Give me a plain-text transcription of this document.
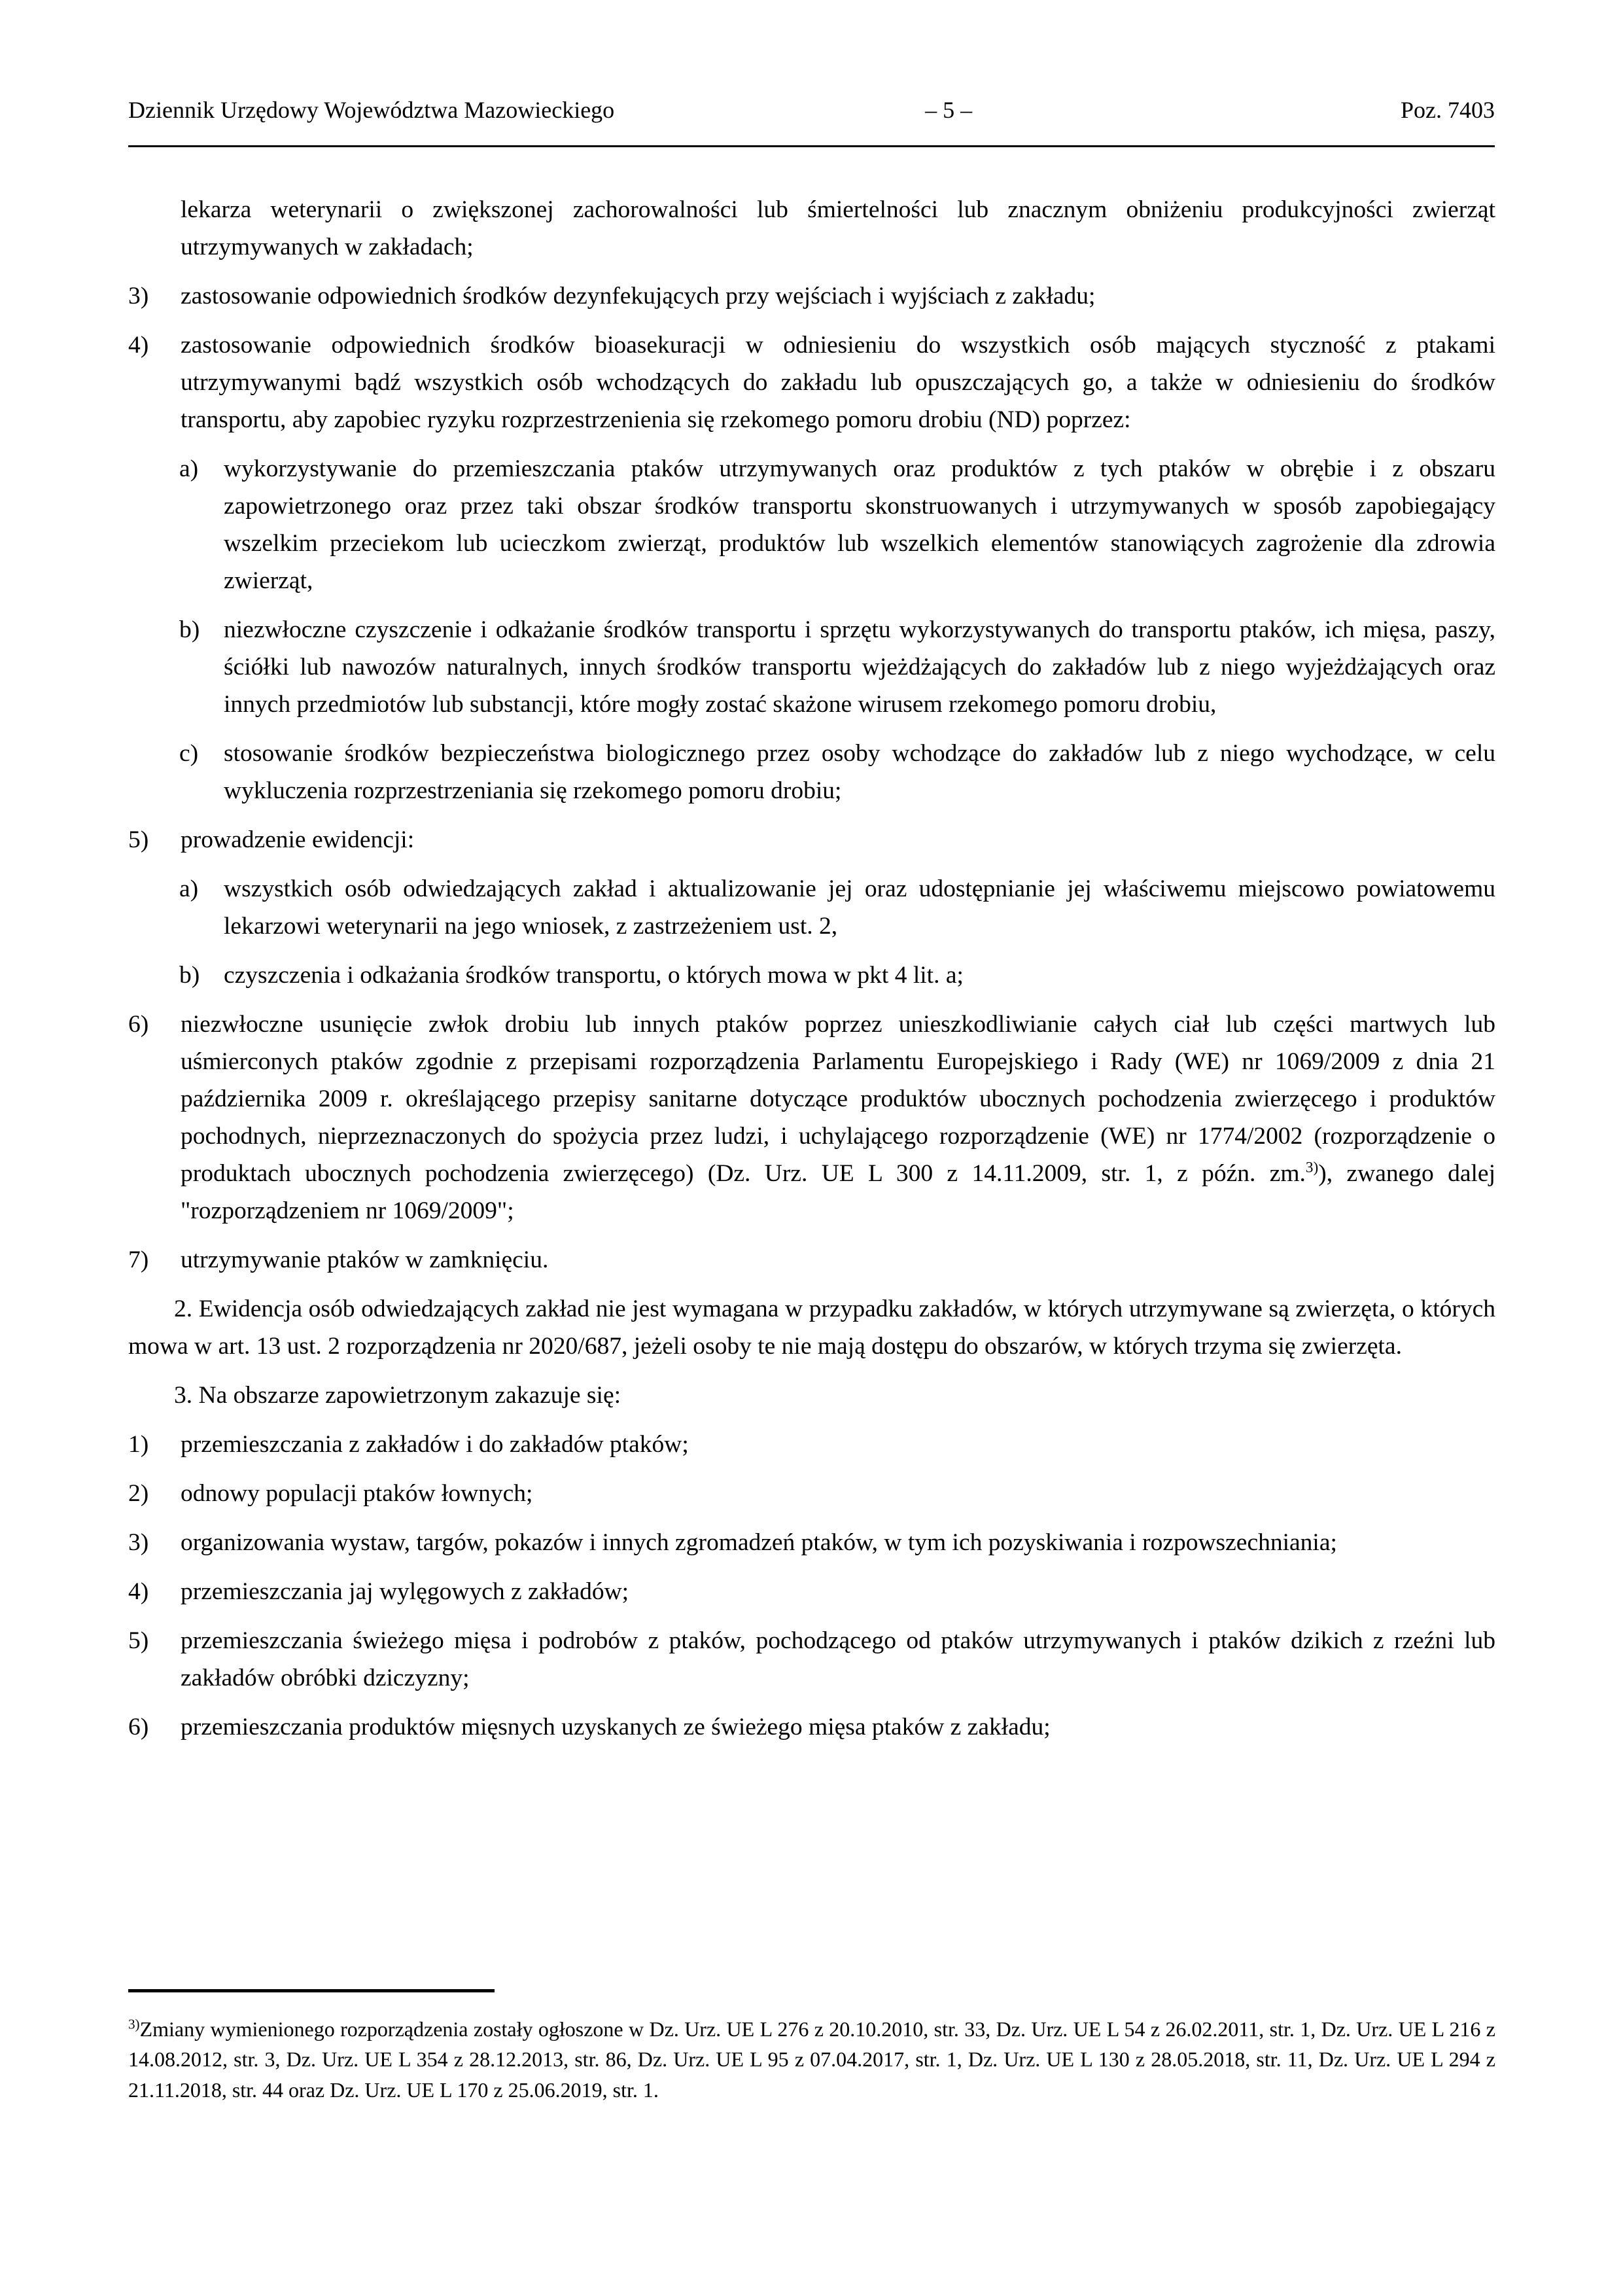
Dziennik Urzędowy Województwa Mazowieckiego	– 5 –	Poz. 7403
lekarza weterynarii o zwiększonej zachorowalności lub śmiertelności lub znacznym obniżeniu produkcyjności zwierząt utrzymywanych w zakładach;
3)	zastosowanie odpowiednich środków dezynfekujących przy wejściach i wyjściach z zakładu;
4)	zastosowanie odpowiednich środków bioasekuracji w odniesieniu do wszystkich osób mających styczność z ptakami utrzymywanymi bądź wszystkich osób wchodzących do zakładu lub opuszczających go, a także w odniesieniu do środków transportu, aby zapobiec ryzyku rozprzestrzenienia się rzekomego pomoru drobiu (ND) poprzez:
a)	wykorzystywanie do przemieszczania ptaków utrzymywanych oraz produktów z tych ptaków w obrębie i z obszaru zapowietrzonego oraz przez taki obszar środków transportu skonstruowanych i utrzymywanych w sposób zapobiegający wszelkim przeciekom lub ucieczkom zwierząt, produktów lub wszelkich elementów stanowiących zagrożenie dla zdrowia zwierząt,
b) niezwłoczne czyszczenie i odkażanie środków transportu i sprzętu wykorzystywanych do transportu ptaków, ich mięsa, paszy, ściółki lub nawozów naturalnych, innych środków transportu wjeżdżających do zakładów lub z niego wyjeżdżających oraz innych przedmiotów lub substancji, które mogły zostać skażone wirusem rzekomego pomoru drobiu,
c)	stosowanie środków bezpieczeństwa biologicznego przez osoby wchodzące do zakładów lub z niego wychodzące, w celu wykluczenia rozprzestrzeniania się rzekomego pomoru drobiu;
5)	prowadzenie ewidencji:
a)	wszystkich osób odwiedzających zakład i aktualizowanie jej oraz udostępnianie jej właściwemu miejscowo powiatowemu lekarzowi weterynarii na jego wniosek, z zastrzeżeniem ust. 2,
b) czyszczenia i odkażania środków transportu, o których mowa w pkt 4 lit. a;
6)	niezwłoczne usunięcie zwłok drobiu lub innych ptaków poprzez unieszkodliwianie całych ciał lub części martwych lub uśmierconych ptaków zgodnie z przepisami rozporządzenia Parlamentu Europejskiego i Rady (WE) nr 1069/2009 z dnia 21 października 2009 r. określającego przepisy sanitarne dotyczące produktów ubocznych pochodzenia zwierzęcego i produktów pochodnych, nieprzeznaczonych do spożycia przez ludzi, i uchylającego rozporządzenie (WE) nr 1774/2002 (rozporządzenie o produktach ubocznych pochodzenia zwierzęcego) (Dz. Urz. UE L 300 z 14.11.2009, str. 1, z późn. zm.$^{3)}$), zwanego dalej "rozporządzeniem nr 1069/2009";
7)	utrzymywanie ptaków w zamknięciu.
2. Ewidencja osób odwiedzających zakład nie jest wymagana w przypadku zakładów, w których utrzymywane są zwierzęta, o których mowa w art. 13 ust. 2 rozporządzenia nr 2020/687, jeżeli osoby te nie mają dostępu do obszarów, w których trzyma się zwierzęta.
3. Na obszarze zapowietrzonym zakazuje się:
1)	przemieszczania z zakładów i do zakładów ptaków;
2)	odnowy populacji ptaków łownych;
3)	organizowania wystaw, targów, pokazów i innych zgromadzeń ptaków, w tym ich pozyskiwania i rozpowszechniania;
4)	przemieszczania jaj wylęgowych z zakładów;
5)	przemieszczania świeżego mięsa i podrobów z ptaków, pochodzącego od ptaków utrzymywanych i ptaków dzikich z rzeźni lub zakładów obróbki dziczyzny;
6)	przemieszczania produktów mięsnych uzyskanych ze świeżego mięsa ptaków z zakładu;
$^{3)}$Zmiany wymienionego rozporządzenia zostały ogłoszone w Dz. Urz. UE L 276 z 20.10.2010, str. 33, Dz. Urz. UE L 54 z 26.02.2011, str. 1, Dz. Urz. UE L 216 z 14.08.2012, str. 3, Dz. Urz. UE L 354 z 28.12.2013, str. 86, Dz. Urz. UE L 95 z 07.04.2017, str. 1, Dz. Urz. UE L 130 z 28.05.2018, str. 11, Dz. Urz. UE L 294 z 21.11.2018, str. 44 oraz Dz. Urz. UE L 170 z 25.06.2019, str. 1.
